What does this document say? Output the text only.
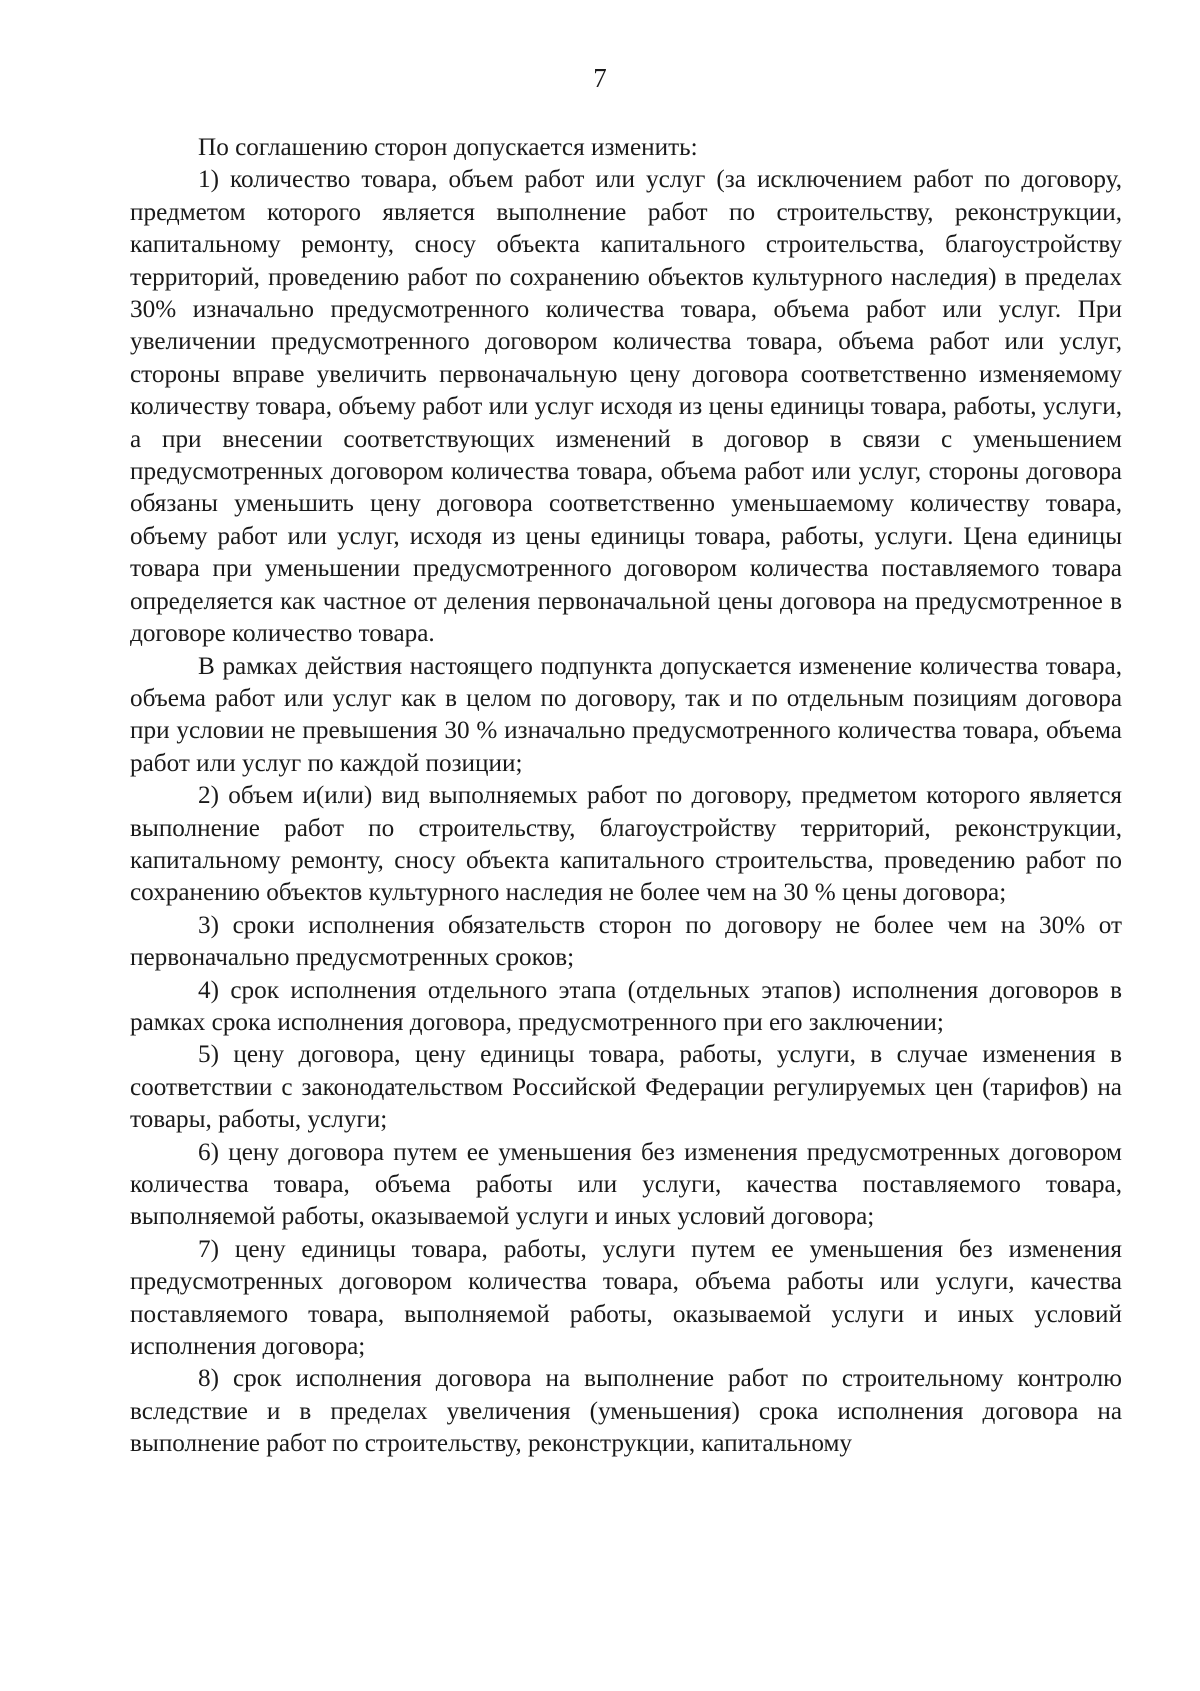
7

По соглашению сторон допускается изменить:

1) количество товара, объем работ или услуг (за исключением работ по договору, предметом которого является выполнение работ по строительству, реконструкции, капитальному ремонту, сносу объекта капитального строительства, благоустройству территорий, проведению работ по сохранению объектов культурного наследия) в пределах 30% изначально предусмотренного количества товара, объема работ или услуг. При увеличении предусмотренного договором количества товара, объема работ или услуг, стороны вправе увеличить первоначальную цену договора соответственно изменяемому количеству товара, объему работ или услуг исходя из цены единицы товара, работы, услуги, а при внесении соответствующих изменений в договор в связи с уменьшением предусмотренных договором количества товара, объема работ или услуг, стороны договора обязаны уменьшить цену договора соответственно уменьшаемому количеству товара, объему работ или услуг, исходя из цены единицы товара, работы, услуги. Цена единицы товара при уменьшении предусмотренного договором количества поставляемого товара определяется как частное от деления первоначальной цены договора на предусмотренное в договоре количество товара.

В рамках действия настоящего подпункта допускается изменение количества товара, объема работ или услуг как в целом по договору, так и по отдельным позициям договора при условии не превышения 30 % изначально предусмотренного количества товара, объема работ или услуг по каждой позиции;

2) объем и(или) вид выполняемых работ по договору, предметом которого является выполнение работ по строительству, благоустройству территорий, реконструкции, капитальному ремонту, сносу объекта капитального строительства, проведению работ по сохранению объектов культурного наследия не более чем на 30 % цены договора;

3) сроки исполнения обязательств сторон по договору не более чем на 30% от первоначально предусмотренных сроков;

4) срок исполнения отдельного этапа (отдельных этапов) исполнения договоров в рамках срока исполнения договора, предусмотренного при его заключении;

5) цену договора, цену единицы товара, работы, услуги, в случае изменения в соответствии с законодательством Российской Федерации регулируемых цен (тарифов) на товары, работы, услуги;

6) цену договора путем ее уменьшения без изменения предусмотренных договором количества товара, объема работы или услуги, качества поставляемого товара, выполняемой работы, оказываемой услуги и иных условий договора;

7) цену единицы товара, работы, услуги путем ее уменьшения без изменения предусмотренных договором количества товара, объема работы или услуги, качества поставляемого товара, выполняемой работы, оказываемой услуги и иных условий исполнения договора;

8) срок исполнения договора на выполнение работ по строительному контролю вследствие и в пределах увеличения (уменьшения) срока исполнения договора на выполнение работ по строительству, реконструкции, капитальному
